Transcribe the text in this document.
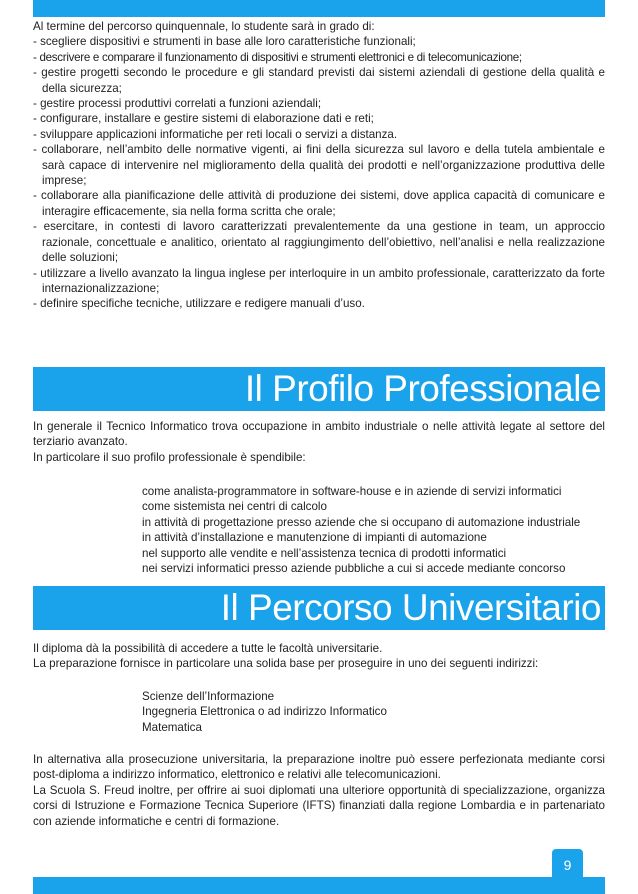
Al termine del percorso quinquennale, lo studente sarà in grado di:

- scegliere dispositivi e strumenti in base alle loro caratteristiche funzionali;

- descrivere e comparare il funzionamento di dispositivi e strumenti elettronici e di telecomunicazione;

- gestire progetti secondo le procedure e gli standard previsti dai sistemi aziendali di gestione della qualità e della sicurezza;

- gestire processi produttivi correlati a funzioni aziendali;

- configurare, installare e gestire sistemi di elaborazione dati e reti;

- sviluppare applicazioni informatiche per reti locali o servizi a distanza.

- collaborare, nell’ambito delle normative vigenti, ai fini della sicurezza sul lavoro e della tutela ambientale e sarà capace di intervenire nel miglioramento della qualità dei prodotti e nell’organizzazione produttiva delle imprese;

- collaborare alla pianificazione delle attività di produzione dei sistemi, dove applica capacità di comunicare e interagire efficacemente, sia nella forma scritta che orale;

- esercitare, in contesti di lavoro caratterizzati prevalentemente da una gestione in team, un approccio razionale, concettuale e analitico, orientato al raggiungimento dell’obiettivo, nell’analisi e nella realizzazione delle soluzioni;

- utilizzare a livello avanzato la lingua inglese per interloquire in un ambito professionale, caratterizzato da forte internazionalizzazione;

- definire specifiche tecniche, utilizzare e redigere manuali d’uso.

Il Profilo Professionale

In generale il Tecnico Informatico trova occupazione in ambito industriale o nelle attività legate al settore del terziario avanzato.

In particolare il suo profilo professionale è spendibile:

come analista-programmatore in software-house e in aziende di servizi informatici
come sistemista nei centri di calcolo
in attività di progettazione presso aziende che si occupano di automazione industriale
in attività d’installazione e manutenzione di impianti di automazione
nel supporto alle vendite e nell’assistenza tecnica di prodotti informatici
nei servizi informatici presso aziende pubbliche a cui si accede mediante concorso
Il Percorso Universitario

Il diploma dà la possibilità di accedere a tutte le facoltà universitarie.

La preparazione fornisce in particolare una solida base per proseguire in uno dei seguenti indirizzi:

Scienze dell’Informazione
Ingegneria Elettronica o ad indirizzo Informatico
Matematica

In alternativa alla prosecuzione universitaria, la preparazione inoltre può essere perfezionata mediante corsi post-diploma a indirizzo informatico, elettronico e relativi alle telecomunicazioni.

La Scuola S. Freud inoltre, per offrire ai suoi diplomati una ulteriore opportunità di specializzazione, organizza corsi di Istruzione e Formazione Tecnica Superiore (IFTS) finanziati dalla regione Lombardia e in partenariato con aziende informatiche e centri di formazione.

9
